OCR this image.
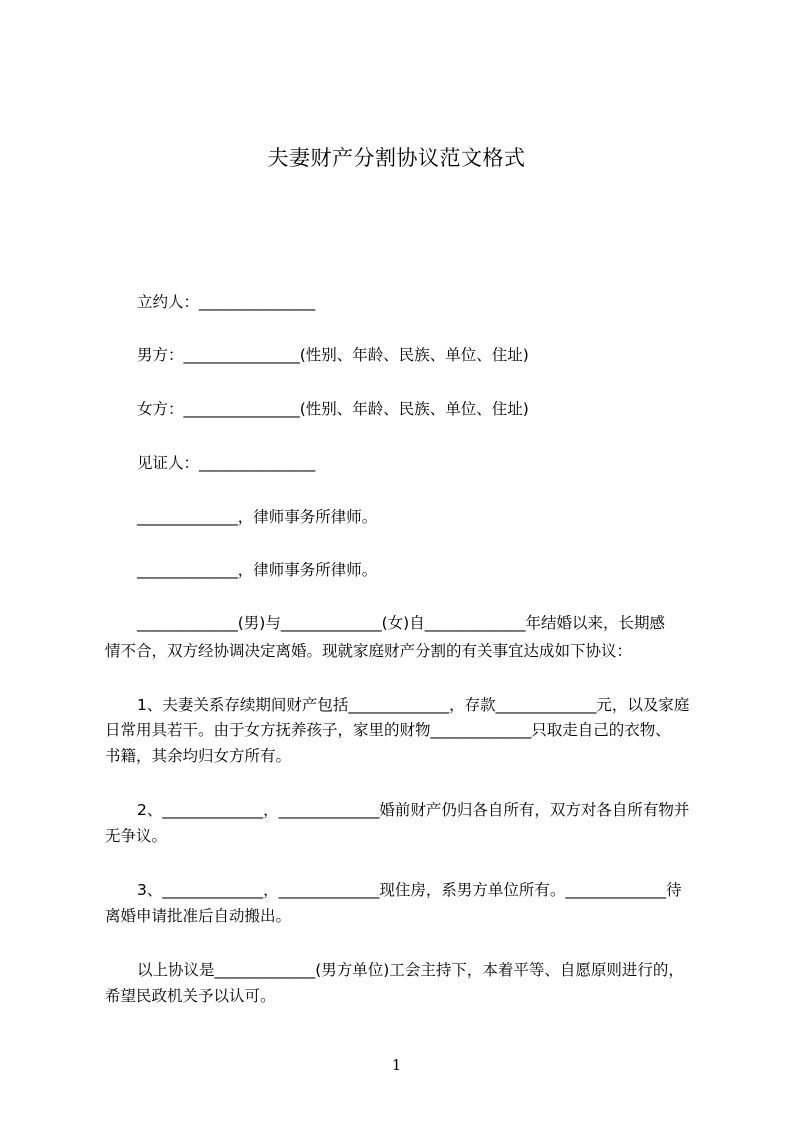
夫妻财产分割协议范文格式
立约人：_______________
男方：_______________(性别、年龄、民族、单位、住址)
女方：_______________(性别、年龄、民族、单位、住址)
见证人：_______________
_____________，律师事务所律师。
_____________，律师事务所律师。
_____________(男)与_____________(女)自_____________年结婚以来，长期感
情不合，双方经协调决定离婚。现就家庭财产分割的有关事宜达成如下协议：
1、夫妻关系存续期间财产包括_____________，存款_____________元，以及家庭
日常用具若干。由于女方抚养孩子，家里的财物_____________只取走自己的衣物、
书籍，其余均归女方所有。
2、_____________，_____________婚前财产仍归各自所有，双方对各自所有物并
无争议。
3、_____________，_____________现住房，系男方单位所有。_____________待
离婚申请批准后自动搬出。
以上协议是_____________(男方单位)工会主持下，本着平等、自愿原则进行的，
希望民政机关予以认可。
1
